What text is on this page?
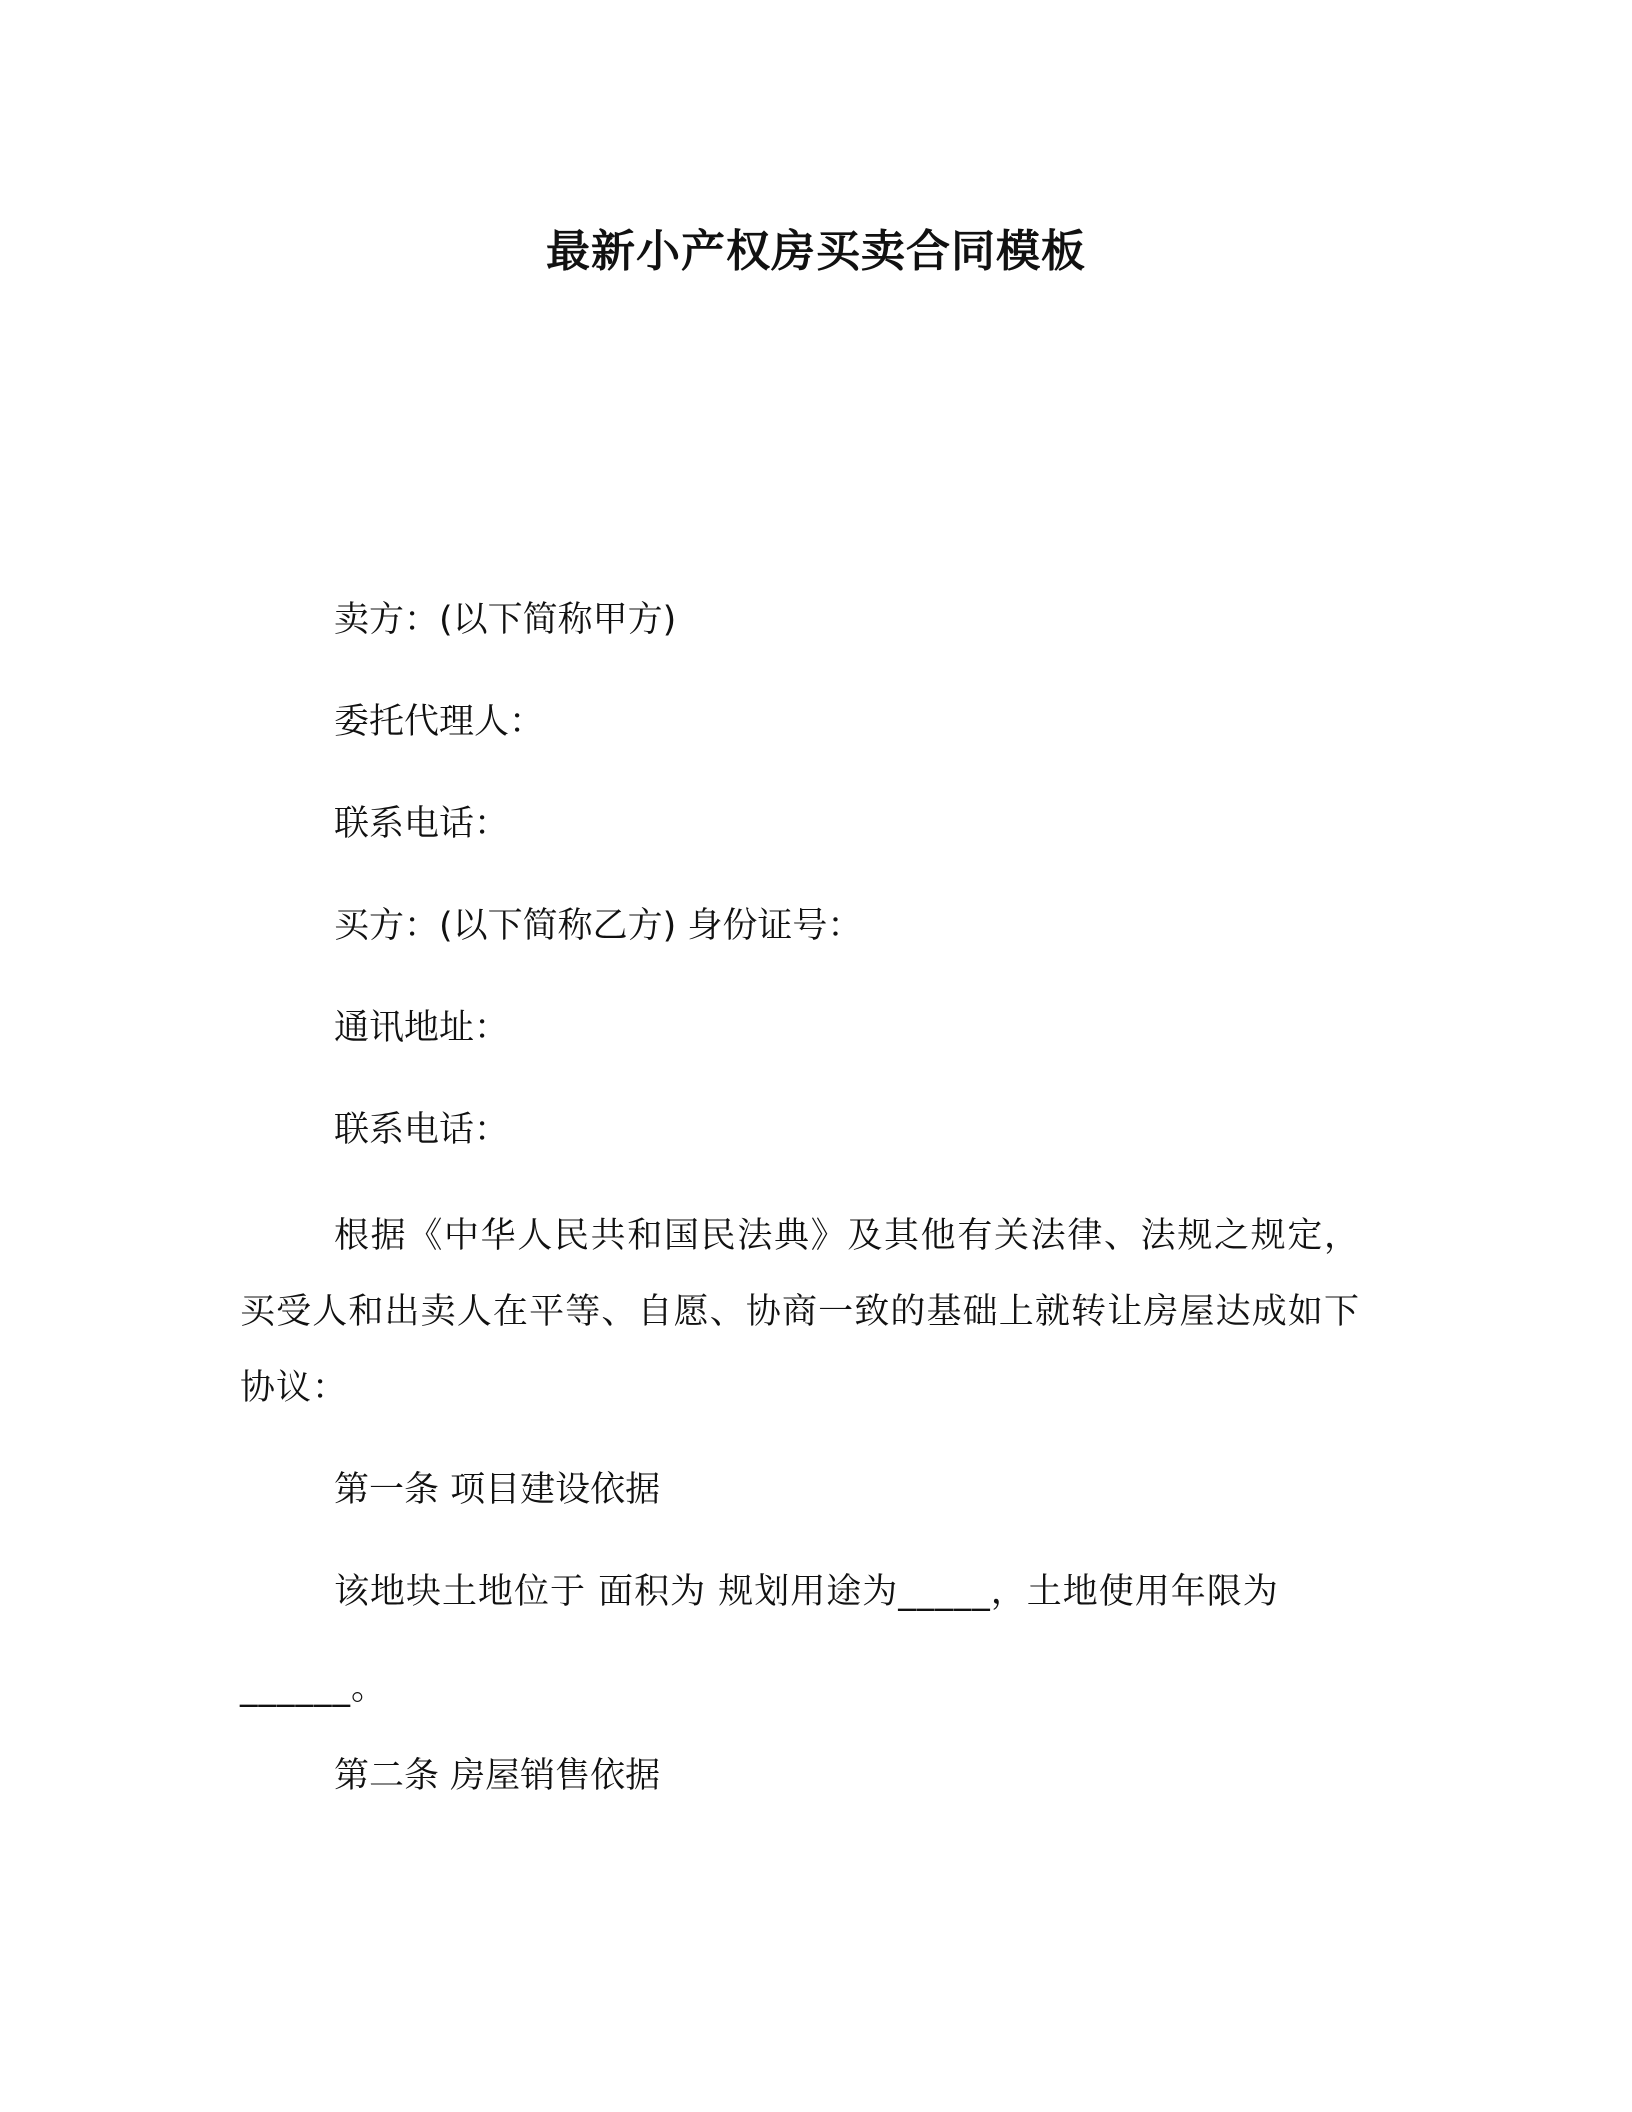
最新小产权房买卖合同模板
卖方：(以下简称甲方)
委托代理人：
联系电话：
买方：(以下简称乙方) 身份证号：
通讯地址：
联系电话：
根据《中华人民共和国民法典》及其他有关法律、法规之规定，买受人和出卖人在平等、自愿、协商一致的基础上就转让房屋达成如下协议：
第一条 项目建设依据
该地块土地位于 面积为 规划用途为_____，土地使用年限为______。
第二条 房屋销售依据
